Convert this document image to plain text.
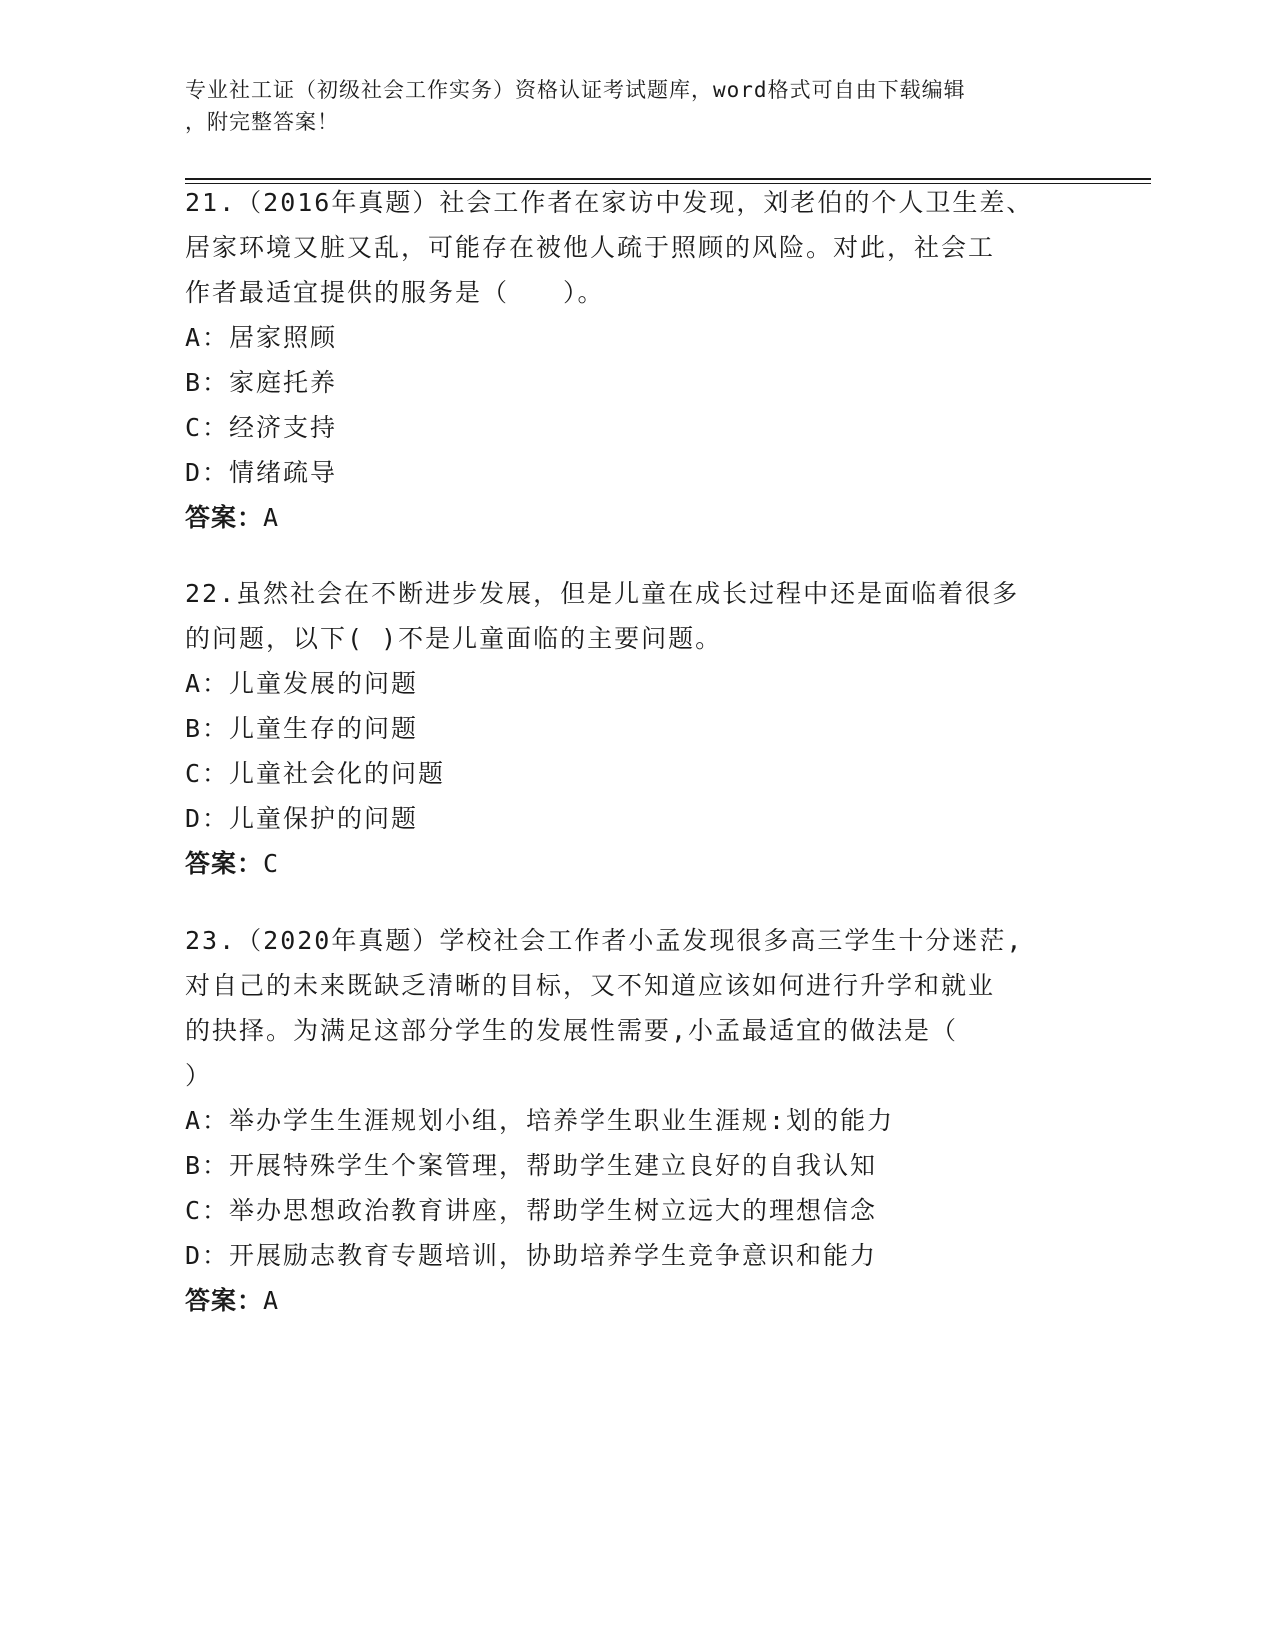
专业社工证（初级社会工作实务）资格认证考试题库，word格式可自由下载编辑
，附完整答案！
21.（2016年真题）社会工作者在家访中发现，刘老伯的个人卫生差、
居家环境又脏又乱，可能存在被他人疏于照顾的风险。对此，社会工
作者最适宜提供的服务是（　　）。
A：居家照顾
B：家庭托养
C：经济支持
D：情绪疏导
答案：A
22.虽然社会在不断进步发展，但是儿童在成长过程中还是面临着很多
的问题，以下( )不是儿童面临的主要问题。
A：儿童发展的问题
B：儿童生存的问题
C：儿童社会化的问题
D：儿童保护的问题
答案：C
23.（2020年真题）学校社会工作者小孟发现很多高三学生十分迷茫,
对自己的未来既缺乏清晰的目标，又不知道应该如何进行升学和就业
的抉择。为满足这部分学生的发展性需要,小孟最适宜的做法是（
）
A：举办学生生涯规划小组，培养学生职业生涯规:划的能力
B：开展特殊学生个案管理，帮助学生建立良好的自我认知
C：举办思想政治教育讲座，帮助学生树立远大的理想信念
D：开展励志教育专题培训，协助培养学生竞争意识和能力
答案：A
